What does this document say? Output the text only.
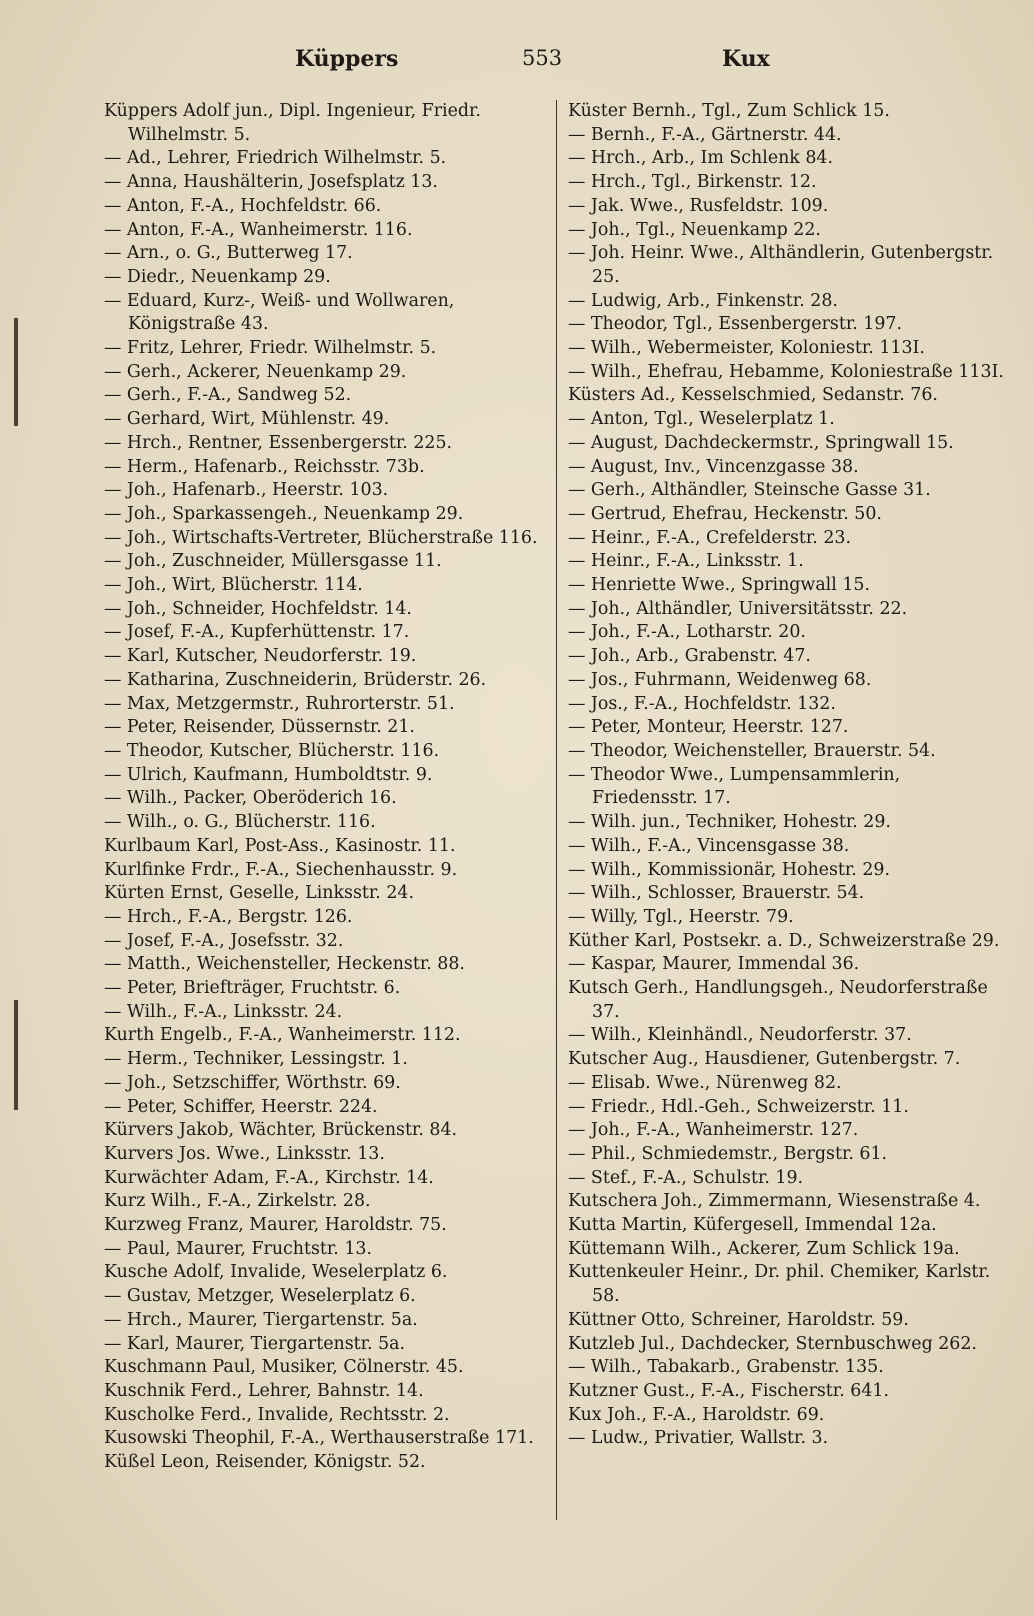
Küppers	553	Kux
Küppers Adolf jun., Dipl. Ingenieur, Friedr. Wilhelmstr. 5.
— Ad., Lehrer, Friedrich Wilhelmstr. 5.
— Anna, Haushälterin, Josefsplatz 13.
— Anton, F.-A., Hochfeldstr. 66.
— Anton, F.-A., Wanheimerstr. 116.
— Arn., o. G., Butterweg 17.
— Diedr., Neuenkamp 29.
— Eduard, Kurz-, Weiß- und Wollwaren, Königstraße 43.
— Fritz, Lehrer, Friedr. Wilhelmstr. 5.
— Gerh., Ackerer, Neuenkamp 29.
— Gerh., F.-A., Sandweg 52.
— Gerhard, Wirt, Mühlenstr. 49.
— Hrch., Rentner, Essenbergerstr. 225.
— Herm., Hafenarb., Reichsstr. 73b.
— Joh., Hafenarb., Heerstr. 103.
— Joh., Sparkassengeh., Neuenkamp 29.
— Joh., Wirtschafts-Vertreter, Blücherstraße 116.
— Joh., Zuschneider, Müllersgasse 11.
— Joh., Wirt, Blücherstr. 114.
— Joh., Schneider, Hochfeldstr. 14.
— Josef, F.-A., Kupferhüttenstr. 17.
— Karl, Kutscher, Neudorferstr. 19.
— Katharina, Zuschneiderin, Brüderstr. 26.
— Max, Metzgermstr., Ruhrorterstr. 51.
— Peter, Reisender, Düssernstr. 21.
— Theodor, Kutscher, Blücherstr. 116.
— Ulrich, Kaufmann, Humboldtstr. 9.
— Wilh., Packer, Oberöderich 16.
— Wilh., o. G., Blücherstr. 116.
Kurlbaum Karl, Post-Ass., Kasinostr. 11.
Kurlfinke Frdr., F.-A., Siechenhausstr. 9.
Kürten Ernst, Geselle, Linksstr. 24.
— Hrch., F.-A., Bergstr. 126.
— Josef, F.-A., Josefsstr. 32.
— Matth., Weichensteller, Heckenstr. 88.
— Peter, Briefträger, Fruchtstr. 6.
— Wilh., F.-A., Linksstr. 24.
Kurth Engelb., F.-A., Wanheimerstr. 112.
— Herm., Techniker, Lessingstr. 1.
— Joh., Setzschiffer, Wörthstr. 69.
— Peter, Schiffer, Heerstr. 224.
Kürvers Jakob, Wächter, Brückenstr. 84.
Kurvers Jos. Wwe., Linksstr. 13.
Kurwächter Adam, F.-A., Kirchstr. 14.
Kurz Wilh., F.-A., Zirkelstr. 28.
Kurzweg Franz, Maurer, Haroldstr. 75.
— Paul, Maurer, Fruchtstr. 13.
Kusche Adolf, Invalide, Weselerplatz 6.
— Gustav, Metzger, Weselerplatz 6.
— Hrch., Maurer, Tiergartenstr. 5a.
— Karl, Maurer, Tiergartenstr. 5a.
Kuschmann Paul, Musiker, Cölnerstr. 45.
Kuschnik Ferd., Lehrer, Bahnstr. 14.
Kuscholke Ferd., Invalide, Rechtsstr. 2.
Kusowski Theophil, F.-A., Werthauserstraße 171.
Küßel Leon, Reisender, Königstr. 52.
Küster Bernh., Tgl., Zum Schlick 15.
— Bernh., F.-A., Gärtnerstr. 44.
— Hrch., Arb., Im Schlenk 84.
— Hrch., Tgl., Birkenstr. 12.
— Jak. Wwe., Rusfeldstr. 109.
— Joh., Tgl., Neuenkamp 22.
— Joh. Heinr. Wwe., Althändlerin, Gutenbergstr. 25.
— Ludwig, Arb., Finkenstr. 28.
— Theodor, Tgl., Essenbergerstr. 197.
— Wilh., Webermeister, Koloniestr. 113I.
— Wilh., Ehefrau, Hebamme, Koloniestraße 113I.
Küsters Ad., Kesselschmied, Sedanstr. 76.
— Anton, Tgl., Weselerplatz 1.
— August, Dachdeckermstr., Springwall 15.
— August, Inv., Vincenzgasse 38.
— Gerh., Althändler, Steinsche Gasse 31.
— Gertrud, Ehefrau, Heckenstr. 50.
— Heinr., F.-A., Crefelderstr. 23.
— Heinr., F.-A., Linksstr. 1.
— Henriette Wwe., Springwall 15.
— Joh., Althändler, Universitätsstr. 22.
— Joh., F.-A., Lotharstr. 20.
— Joh., Arb., Grabenstr. 47.
— Jos., Fuhrmann, Weidenweg 68.
— Jos., F.-A., Hochfeldstr. 132.
— Peter, Monteur, Heerstr. 127.
— Theodor, Weichensteller, Brauerstr. 54.
— Theodor Wwe., Lumpensammlerin, Friedensstr. 17.
— Wilh. jun., Techniker, Hohestr. 29.
— Wilh., F.-A., Vincensgasse 38.
— Wilh., Kommissionär, Hohestr. 29.
— Wilh., Schlosser, Brauerstr. 54.
— Willy, Tgl., Heerstr. 79.
Küther Karl, Postsekr. a. D., Schweizerstraße 29.
— Kaspar, Maurer, Immendal 36.
Kutsch Gerh., Handlungsgeh., Neudorferstraße 37.
— Wilh., Kleinhändl., Neudorferstr. 37.
Kutscher Aug., Hausdiener, Gutenbergstr. 7.
— Elisab. Wwe., Nürenweg 82.
— Friedr., Hdl.-Geh., Schweizerstr. 11.
— Joh., F.-A., Wanheimerstr. 127.
— Phil., Schmiedemstr., Bergstr. 61.
— Stef., F.-A., Schulstr. 19.
Kutschera Joh., Zimmermann, Wiesenstraße 4.
Kutta Martin, Küfergesell, Immendal 12a.
Küttemann Wilh., Ackerer, Zum Schlick 19a.
Kuttenkeuler Heinr., Dr. phil. Chemiker, Karlstr. 58.
Küttner Otto, Schreiner, Haroldstr. 59.
Kutzleb Jul., Dachdecker, Sternbuschweg 262.
— Wilh., Tabakarb., Grabenstr. 135.
Kutzner Gust., F.-A., Fischerstr. 641.
Kux Joh., F.-A., Haroldstr. 69.
— Ludw., Privatier, Wallstr. 3.
